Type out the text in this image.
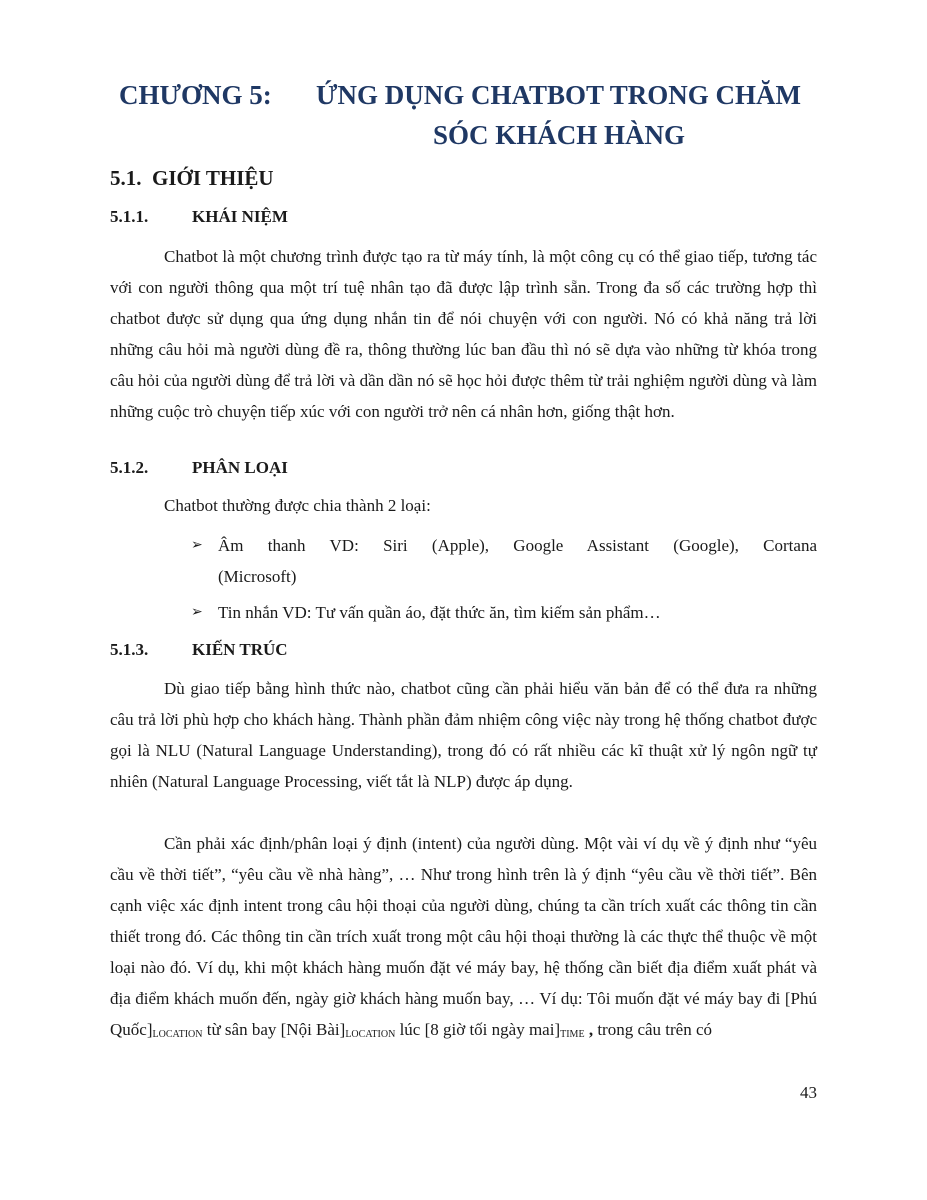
CHƯƠNG 5: ỨNG DỤNG CHATBOT TRONG CHĂM
SÓC KHÁCH HÀNG
5.1. GIỚI THIỆU
5.1.1.	KHÁI NIỆM

Chatbot là một chương trình được tạo ra từ máy tính, là một công cụ có thể giao tiếp, tương tác với con người thông qua một trí tuệ nhân tạo đã được lập trình sẵn. Trong đa số các trường hợp thì chatbot được sử dụng qua ứng dụng nhắn tin để nói chuyện với con người. Nó có khả năng trả lời những câu hỏi mà người dùng đề ra, thông thường lúc ban đầu thì nó sẽ dựa vào những từ khóa trong câu hỏi của người dùng để trả lời và dần dần nó sẽ học hỏi được thêm từ trải nghiệm người dùng và làm những cuộc trò chuyện tiếp xúc với con người trở nên cá nhân hơn, giống thật hơn.

5.1.2.	PHÂN LOẠI
Chatbot thường được chia thành 2 loại:
➢ Âm thanh VD: Siri (Apple), Google Assistant (Google), Cortana
(Microsoft)
➢ Tin nhắn VD: Tư vấn quần áo, đặt thức ăn, tìm kiếm sản phẩm…
5.1.3.	KIẾN TRÚC

Dù giao tiếp bằng hình thức nào, chatbot cũng cần phải hiểu văn bản để có thể đưa ra những câu trả lời phù hợp cho khách hàng. Thành phần đảm nhiệm công việc này trong hệ thống chatbot được gọi là NLU (Natural Language Understanding), trong đó có rất nhiều các kĩ thuật xử lý ngôn ngữ tự nhiên (Natural Language Processing, viết tắt là NLP) được áp dụng.

Cần phải xác định/phân loại ý định (intent) của người dùng. Một vài ví dụ về ý định như “yêu cầu về thời tiết”, “yêu cầu về nhà hàng”, … Như trong hình trên là ý định “yêu cầu về thời tiết”. Bên cạnh việc xác định intent trong câu hội thoại của người dùng, chúng ta cần trích xuất các thông tin cần thiết trong đó. Các thông tin cần trích xuất trong một câu hội thoại thường là các thực thể thuộc về một loại nào đó. Ví dụ, khi một khách hàng muốn đặt vé máy bay, hệ thống cần biết địa điểm xuất phát và địa điểm khách muốn đến, ngày giờ khách hàng muốn bay, … Ví dụ: Tôi muốn đặt vé máy bay đi [Phú $Quốc]_{LOCATION}$ từ sân bay [Nội $Bài]_{LOCATION}$ lúc [8 giờ tối ngày $mai]_{TIME}$ , trong câu trên có

43
